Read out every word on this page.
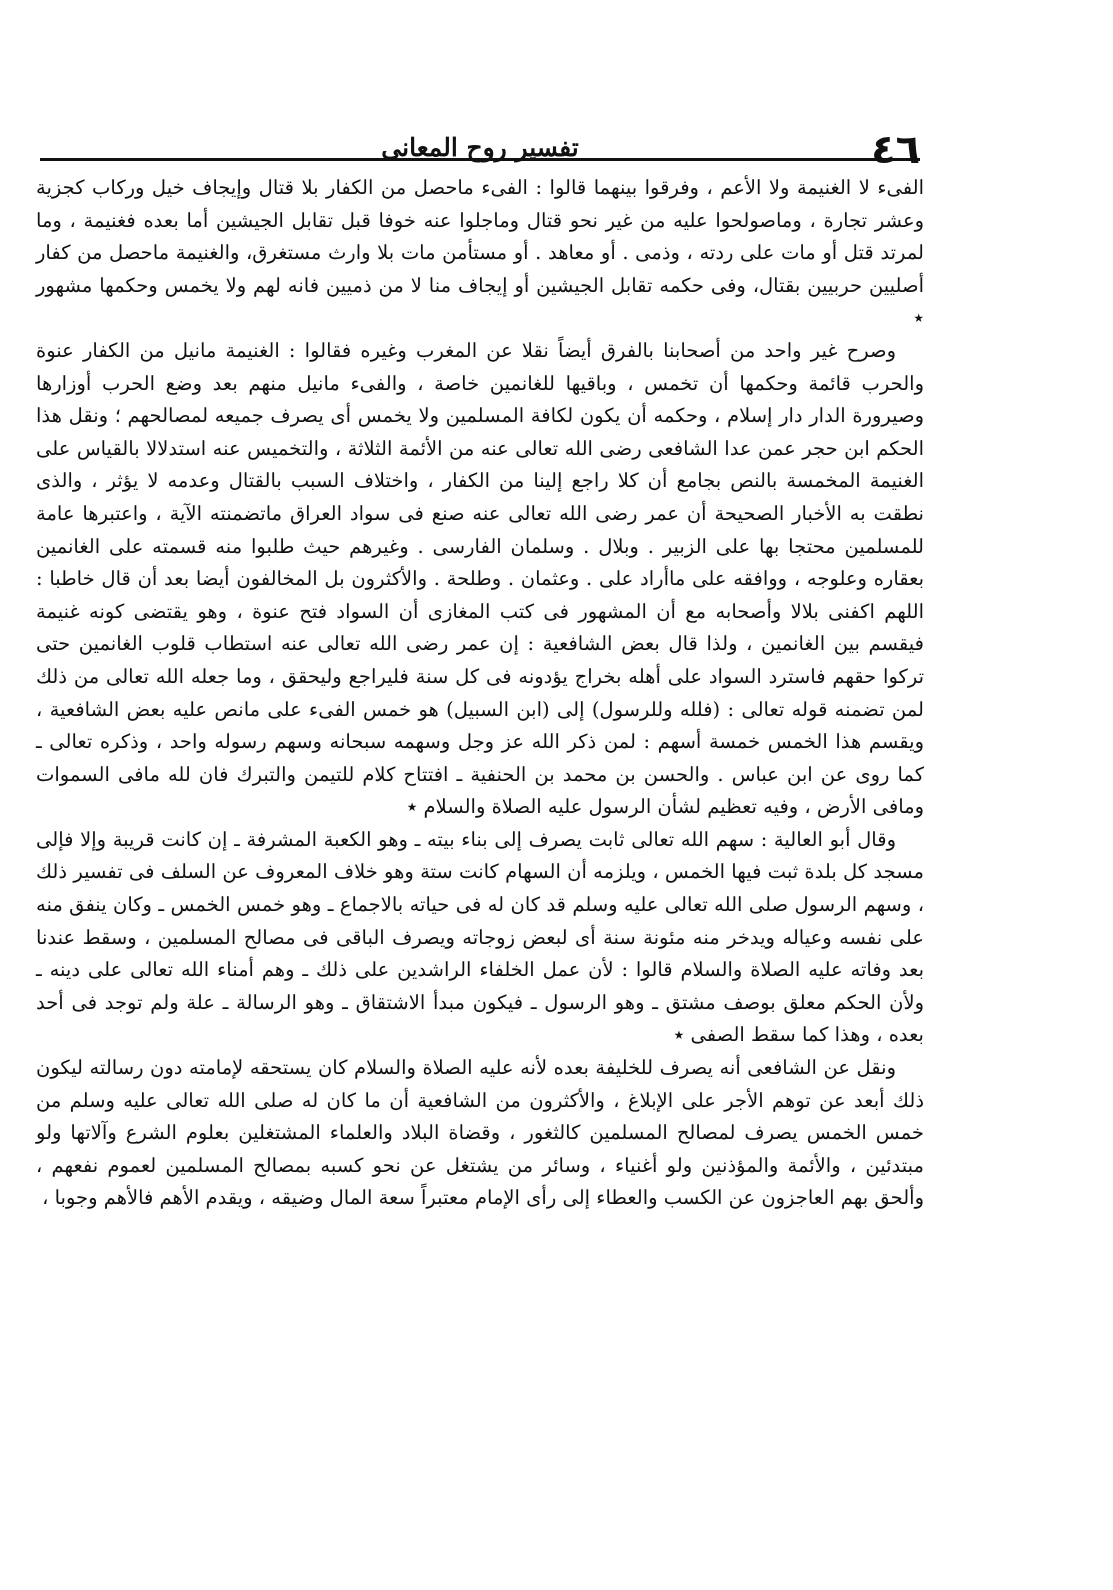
٤٦
تفسير روح المعانى

الفىء لا الغنيمة ولا الأعم ، وفرقوا بينهما قالوا : الفىء ماحصل من الكفار بلا قتال وإيجاف خيل وركاب كجزية وعشر تجارة ، وماصولحوا عليه من غير نحو قتال وماجلوا عنه خوفا قبل تقابل الجيشين أما بعده فغنيمة ، وما لمرتد قتل أو مات على ردته ، وذمى . أو معاهد . أو مستأمن مات بلا وارث مستغرق، والغنيمة ماحصل من كفار أصليين حربيين بقتال، وفى حكمه تقابل الجيشين أو إيجاف منا لا من ذميين فانه لهم ولا يخمس وحكمها مشهور ٭

وصرح غير واحد من أصحابنا بالفرق أيضاً نقلا عن المغرب وغيره فقالوا : الغنيمة مانيل من الكفار عنوة والحرب قائمة وحكمها أن تخمس ، وباقيها للغانمين خاصة ، والفىء مانيل منهم بعد وضع الحرب أوزارها وصيرورة الدار دار إسلام ، وحكمه أن يكون لكافة المسلمين ولا يخمس أى يصرف جميعه لمصالحهم ؛ ونقل هذا الحكم ابن حجر عمن عدا الشافعى رضى الله تعالى عنه من الأئمة الثلاثة ، والتخميس عنه استدلالا بالقياس على الغنيمة المخمسة بالنص بجامع أن كلا راجع إلينا من الكفار ، واختلاف السبب بالقتال وعدمه لا يؤثر ، والذى نطقت به الأخبار الصحيحة أن عمر رضى الله تعالى عنه صنع فى سواد العراق ماتضمنته الآية ، واعتبرها عامة للمسلمين محتجا بها على الزبير . وبلال . وسلمان الفارسى . وغيرهم حيث طلبوا منه قسمته على الغانمين بعقاره وعلوجه ، ووافقه على ماأراد على . وعثمان . وطلحة . والأكثرون بل المخالفون أيضا بعد أن قال خاطبا : اللهم اكفنى بلالا وأصحابه مع أن المشهور فى كتب المغازى أن السواد فتح عنوة ، وهو يقتضى كونه غنيمة فيقسم بين الغانمين ، ولذا قال بعض الشافعية : إن عمر رضى الله تعالى عنه استطاب قلوب الغانمين حتى تركوا حقهم فاسترد السواد على أهله بخراج يؤدونه فى كل سنة فليراجع وليحقق ، وما جعله الله تعالى من ذلك لمن تضمنه قوله تعالى : (فلله وللرسول) إلى (ابن السبيل) هو خمس الفىء على مانص عليه بعض الشافعية ، ويقسم هذا الخمس خمسة أسهم : لمن ذكر الله عز وجل وسهمه سبحانه وسهم رسوله واحد ، وذكره تعالى ـ كما روى عن ابن عباس . والحسن بن محمد بن الحنفية ـ افتتاح كلام للتيمن والتبرك فان لله مافى السموات ومافى الأرض ، وفيه تعظيم لشأن الرسول عليه الصلاة والسلام ٭

وقال أبو العالية : سهم الله تعالى ثابت يصرف إلى بناء بيته ـ وهو الكعبة المشرفة ـ إن كانت قريبة وإلا فإلى مسجد كل بلدة ثبت فيها الخمس ، ويلزمه أن السهام كانت ستة وهو خلاف المعروف عن السلف فى تفسير ذلك ، وسهم الرسول صلى الله تعالى عليه وسلم قد كان له فى حياته بالاجماع ـ وهو خمس الخمس ـ وكان ينفق منه على نفسه وعياله ويدخر منه مئونة سنة أى لبعض زوجاته ويصرف الباقى فى مصالح المسلمين ، وسقط عندنا بعد وفاته عليه الصلاة والسلام قالوا : لأن عمل الخلفاء الراشدين على ذلك ـ وهم أمناء الله تعالى على دينه ـ ولأن الحكم معلق بوصف مشتق ـ وهو الرسول ـ فيكون مبدأ الاشتقاق ـ وهو الرسالة ـ علة ولم توجد فى أحد بعده ، وهذا كما سقط الصفى ٭

ونقل عن الشافعى أنه يصرف للخليفة بعده لأنه عليه الصلاة والسلام كان يستحقه لإمامته دون رسالته ليكون ذلك أبعد عن توهم الأجر على الإبلاغ ، والأكثرون من الشافعية أن ما كان له صلى الله تعالى عليه وسلم من خمس الخمس يصرف لمصالح المسلمين كالثغور ، وقضاة البلاد والعلماء المشتغلين بعلوم الشرع وآلاتها ولو مبتدئين ، والأئمة والمؤذنين ولو أغنياء ، وسائر من يشتغل عن نحو كسبه بمصالح المسلمين لعموم نفعهم ، وألحق بهم العاجزون عن الكسب والعطاء إلى رأى الإمام معتبراً سعة المال وضيقه ، ويقدم الأهم فالأهم وجوبا ،
